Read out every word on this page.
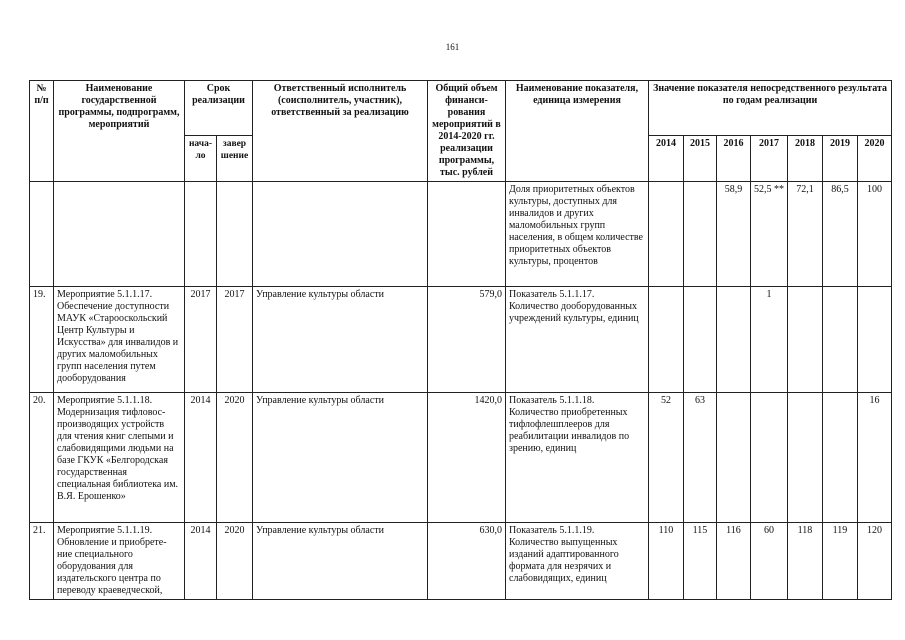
161
№ п/п	Наименование государственной программы, подпрограмм, мероприятий	Срок реализации		Ответственный исполнитель (соисполнитель, участник), ответственный за реализацию	Общий объем финанси-рования мероприятий в 2014-2020 гг. реализации программы, тыс. рублей	Наименование показателя, единица измерения	Значение показателя непосредственного результата по годам реализации						
		нача-ло	завер шение				2014	2015	2016	2017	2018	2019	2020
						Доля приоритетных объектов культуры, доступных для инвалидов и других маломобильных групп населения, в общем количестве приоритетных объектов культуры, процентов			58,9	52,5 **	72,1	86,5	100
19.	Мероприятие 5.1.1.17. Обеспечение доступности МАУК «Старооскольский Центр Культуры и Искусства» для инвалидов и других маломобильных групп населения путем дооборудования	2017	2017	Управление культуры области	579,0	Показатель 5.1.1.17. Количество дооборудованных учреждений культуры, единиц				1			
20.	Мероприятие 5.1.1.18. Модернизация тифловос-производящих устройств для чтения книг слепыми и слабовидящими людьми на базе ГКУК «Белгородская государственная специальная библиотека им. В.Я. Ерошенко»	2014	2020	Управление культуры области	1420,0	Показатель 5.1.1.18. Количество приобретенных тифлофлешплееров для реабилитации инвалидов по зрению, единиц	52	63					16
21.	Мероприятие 5.1.1.19. Обновление и приобрете-ние специального оборудования для издательского центра по переводу краеведческой,	2014	2020	Управление культуры области	630,0	Показатель 5.1.1.19. Количество выпущенных изданий адаптированного формата для незрячих и слабовидящих, единиц	110	115	116	60	118	119	120
